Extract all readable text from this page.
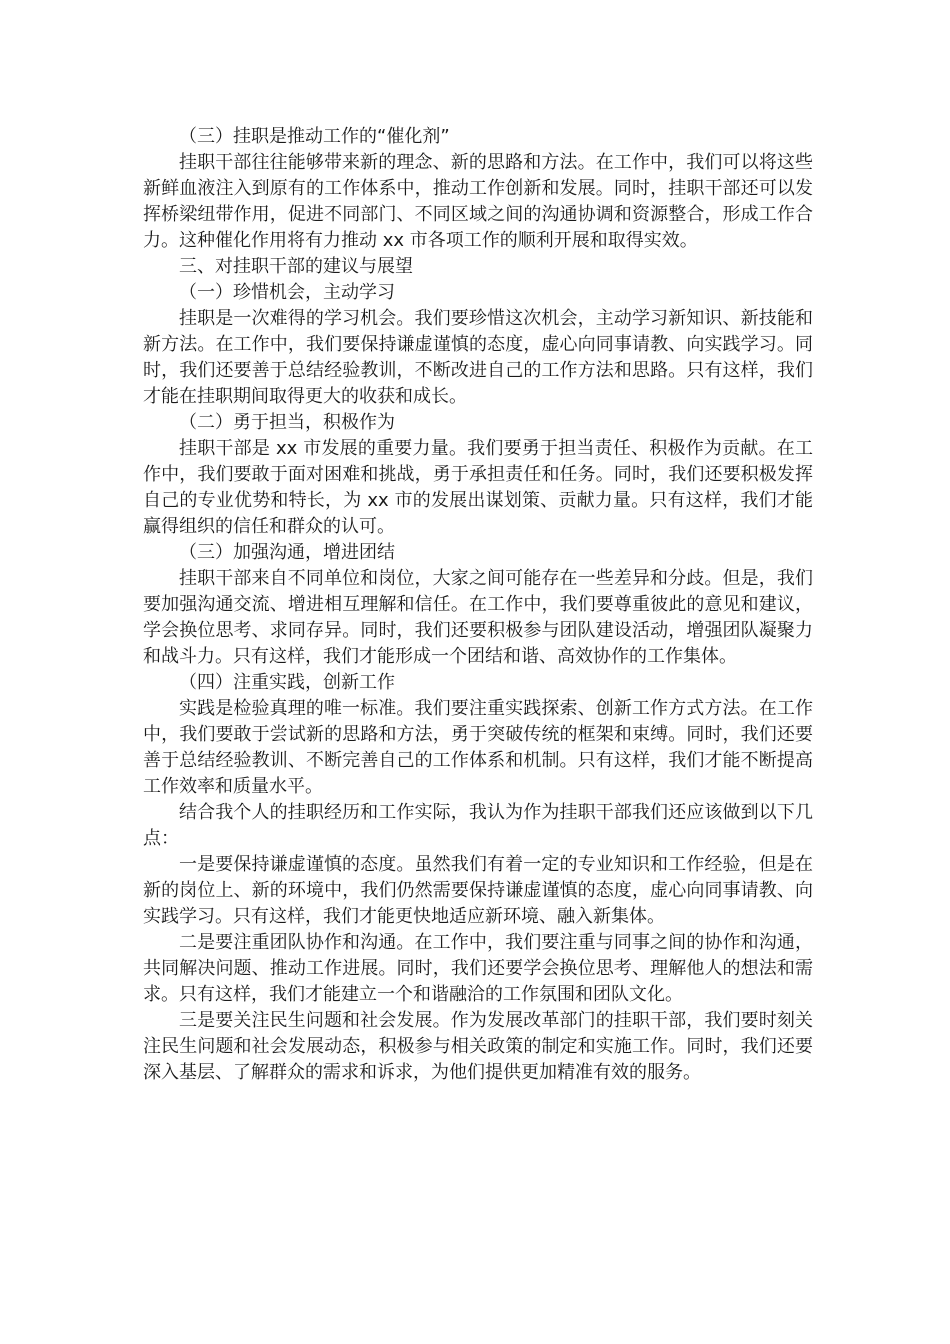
（三）挂职是推动工作的“催化剂”

挂职干部往往能够带来新的理念、新的思路和方法。在工作中，我们可以将这些新鲜血液注入到原有的工作体系中，推动工作创新和发展。同时，挂职干部还可以发挥桥梁纽带作用，促进不同部门、不同区域之间的沟通协调和资源整合，形成工作合力。这种催化作用将有力推动 xx 市各项工作的顺利开展和取得实效。

三、对挂职干部的建议与展望

（一）珍惜机会，主动学习

挂职是一次难得的学习机会。我们要珍惜这次机会，主动学习新知识、新技能和新方法。在工作中，我们要保持谦虚谨慎的态度，虚心向同事请教、向实践学习。同时，我们还要善于总结经验教训，不断改进自己的工作方法和思路。只有这样，我们才能在挂职期间取得更大的收获和成长。

（二）勇于担当，积极作为

挂职干部是 xx 市发展的重要力量。我们要勇于担当责任、积极作为贡献。在工作中，我们要敢于面对困难和挑战，勇于承担责任和任务。同时，我们还要积极发挥自己的专业优势和特长，为 xx 市的发展出谋划策、贡献力量。只有这样，我们才能赢得组织的信任和群众的认可。

（三）加强沟通，增进团结

挂职干部来自不同单位和岗位，大家之间可能存在一些差异和分歧。但是，我们要加强沟通交流、增进相互理解和信任。在工作中，我们要尊重彼此的意见和建议，学会换位思考、求同存异。同时，我们还要积极参与团队建设活动，增强团队凝聚力和战斗力。只有这样，我们才能形成一个团结和谐、高效协作的工作集体。

（四）注重实践，创新工作

实践是检验真理的唯一标准。我们要注重实践探索、创新工作方式方法。在工作中，我们要敢于尝试新的思路和方法，勇于突破传统的框架和束缚。同时，我们还要善于总结经验教训、不断完善自己的工作体系和机制。只有这样，我们才能不断提高工作效率和质量水平。

结合我个人的挂职经历和工作实际，我认为作为挂职干部我们还应该做到以下几点：

一是要保持谦虚谨慎的态度。虽然我们有着一定的专业知识和工作经验，但是在新的岗位上、新的环境中，我们仍然需要保持谦虚谨慎的态度，虚心向同事请教、向实践学习。只有这样，我们才能更快地适应新环境、融入新集体。

二是要注重团队协作和沟通。在工作中，我们要注重与同事之间的协作和沟通，共同解决问题、推动工作进展。同时，我们还要学会换位思考、理解他人的想法和需求。只有这样，我们才能建立一个和谐融洽的工作氛围和团队文化。

三是要关注民生问题和社会发展。作为发展改革部门的挂职干部，我们要时刻关注民生问题和社会发展动态，积极参与相关政策的制定和实施工作。同时，我们还要深入基层、了解群众的需求和诉求，为他们提供更加精准有效的服务。
